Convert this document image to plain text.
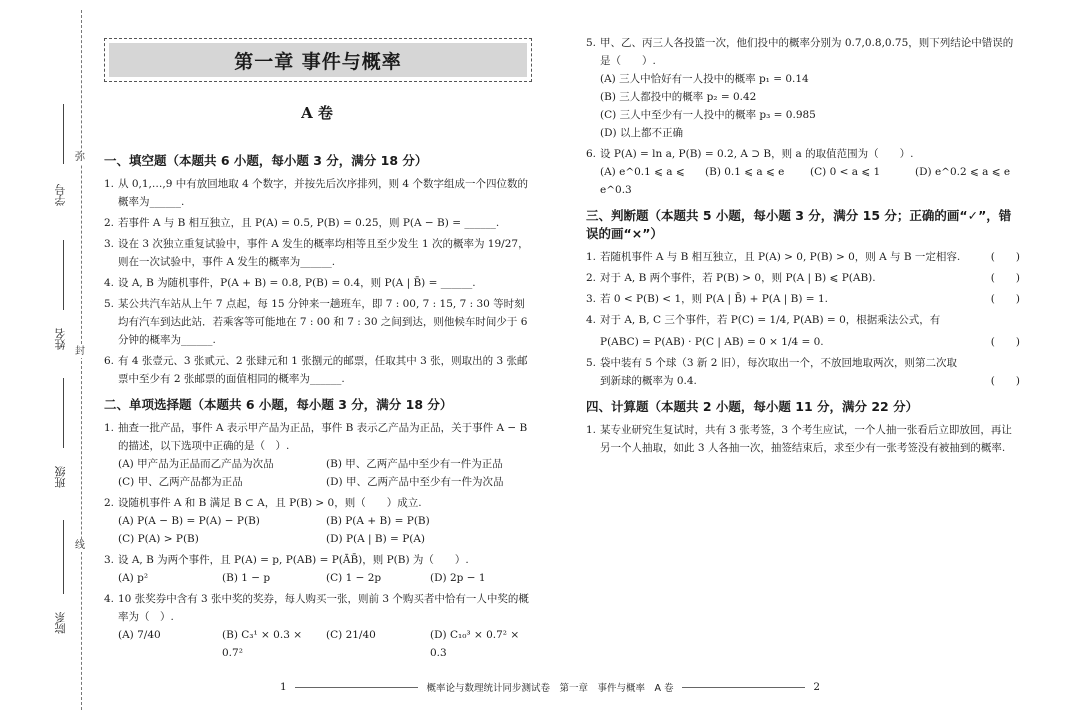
学号
姓名
班级
院系
弥
封
线
第一章 事件与概率
A 卷
一、填空题（本题共 6 小题，每小题 3 分，满分 18 分）
1. 从 0,1,…,9 中有放回地取 4 个数字，并按先后次序排列，则 4 个数字组成一个四位数的概率为______.
2. 若事件 A 与 B 相互独立，且 P(A) = 0.5, P(B) = 0.25，则 P(A − B) = ______.
3. 设在 3 次独立重复试验中，事件 A 发生的概率均相等且至少发生 1 次的概率为 19/27，则在一次试验中，事件 A 发生的概率为______.
4. 设 A, B 为随机事件，P(A + B) = 0.8, P(B) = 0.4，则 P(A | B̄) = ______.
5. 某公共汽车站从上午 7 点起，每 15 分钟来一趟班车，即 7 : 00, 7 : 15, 7 : 30 等时刻均有汽车到达此站．若乘客等可能地在 7 : 00 和 7 : 30 之间到达，则他候车时间少于 6 分钟的概率为______.
6. 有 4 张壹元、3 张贰元、2 张肆元和 1 张捌元的邮票，任取其中 3 张，则取出的 3 张邮票中至少有 2 张邮票的面值相同的概率为______.
二、单项选择题（本题共 6 小题，每小题 3 分，满分 18 分）
1. 抽查一批产品，事件 A 表示甲产品为正品，事件 B 表示乙产品为正品，关于事件 A − B 的描述，以下选项中正确的是（　）.
(A) 甲产品为正品而乙产品为次品	(B) 甲、乙两产品中至少有一件为正品
(C) 甲、乙两产品都为正品	(D) 甲、乙两产品中至少有一件为次品
2. 设随机事件 A 和 B 满足 B ⊂ A，且 P(B) > 0，则（　　）成立.
(A) P(A − B) = P(A) − P(B)	(B) P(A + B) = P(B)
(C) P(A) > P(B)	(D) P(A | B) = P(A)
3. 设 A, B 为两个事件，且 P(A) = p, P(AB) = P(ĀB̄)，则 P(B) 为（　　）.
(A) p²	(B) 1 − p	(C) 1 − 2p	(D) 2p − 1
4. 10 张奖券中含有 3 张中奖的奖券，每人购买一张，则前 3 个购买者中恰有一人中奖的概率为（　）.
(A) 7/40	(B) C₃¹ × 0.3 × 0.7²
(C) 21/40	(D) C₁₀³ × 0.7² × 0.3
5. 甲、乙、丙三人各投篮一次，他们投中的概率分别为 0.7,0.8,0.75，则下列结论中错误的是（　　）.
(A) 三人中恰好有一人投中的概率 p₁ = 0.14
(B) 三人都投中的概率 p₂ = 0.42
(C) 三人中至少有一人投中的概率 p₃ = 0.985
(D) 以上都不正确
6. 设 P(A) = ln a, P(B) = 0.2, A ⊃ B，则 a 的取值范围为（　　）.
(A) e^0.1 ⩽ a ⩽ e^0.3
(B) 0.1 ⩽ a ⩽ e	(C) 0 < a ⩽ 1	(D) e^0.2 ⩽ a ⩽ e
三、判断题（本题共 5 小题，每小题 3 分，满分 15 分；正确的画“✓”，错误的画“×”）
1. 若随机事件 A 与 B 相互独立，且 P(A) > 0, P(B) > 0，则 A 与 B 一定相容.	(　　)
2. 对于 A, B 两个事件，若 P(B) > 0，则 P(A | B) ⩽ P(AB).	(　　)
3. 若 0 < P(B) < 1，则 P(A | B̄) + P(A | B) = 1.	(　　)
4. 对于 A, B, C 三个事件，若 P(C) = 1/4, P(AB) = 0，根据乘法公式，有
P(ABC) = P(AB) · P(C | AB) = 0 × 1/4 = 0.	(　　)
5. 袋中装有 5 个球（3 新 2 旧），每次取出一个，不放回地取两次，则第二次取到新球的概率为 0.4.	(　　)
四、计算题（本题共 2 小题，每小题 11 分，满分 22 分）
1. 某专业研究生复试时，共有 3 张考签，3 个考生应试，一个人抽一张看后立即放回，再让另一个人抽取，如此 3 人各抽一次，抽签结束后，求至少有一张考签没有被抽到的概率.
1	概率论与数理统计同步测试卷　第一章　事件与概率　A 卷	2
